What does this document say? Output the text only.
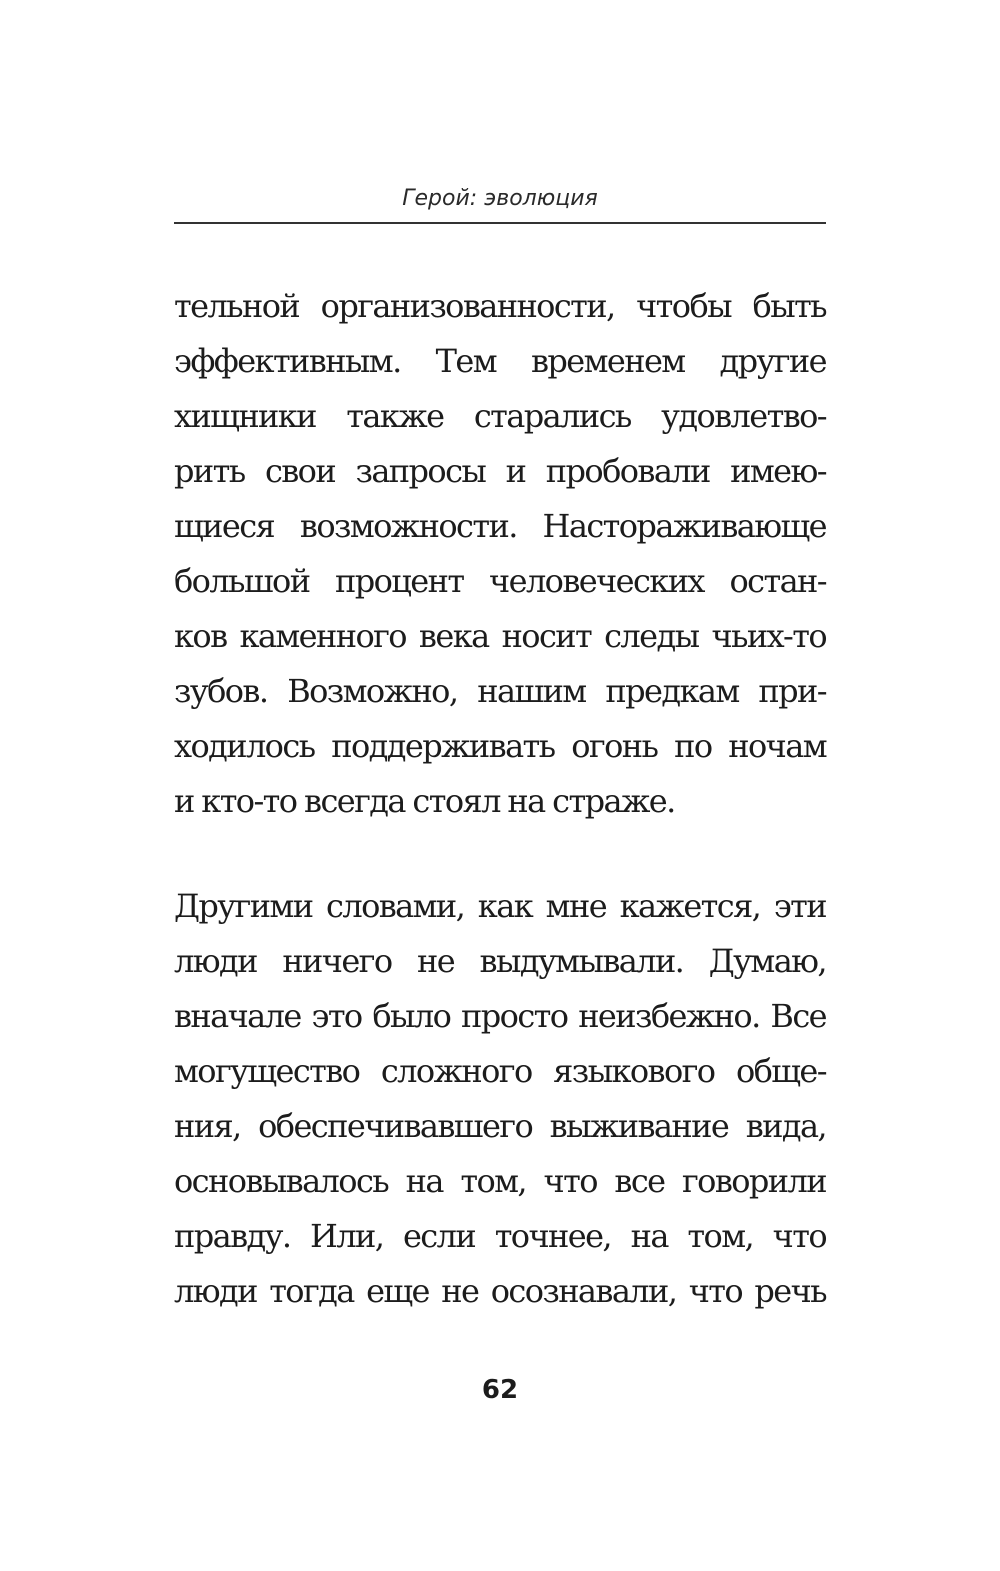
Герой: эволюция
тельной организованности, чтобы быть
эффективным. Тем временем другие
хищники также старались удовлетво-
рить свои запросы и пробовали имею-
щиеся возможности. Настораживающе
большой процент человеческих остан-
ков каменного века носит следы чьих-то
зубов. Возможно, нашим предкам при-
ходилось поддерживать огонь по ночам
и кто-то всегда стоял на страже.
Другими словами, как мне кажется, эти
люди ничего не выдумывали. Думаю,
вначале это было просто неизбежно. Все
могущество сложного языкового обще-
ния, обеспечивавшего выживание вида,
основывалось на том, что все говорили
правду. Или, если точнее, на том, что
люди тогда еще не осознавали, что речь
62
